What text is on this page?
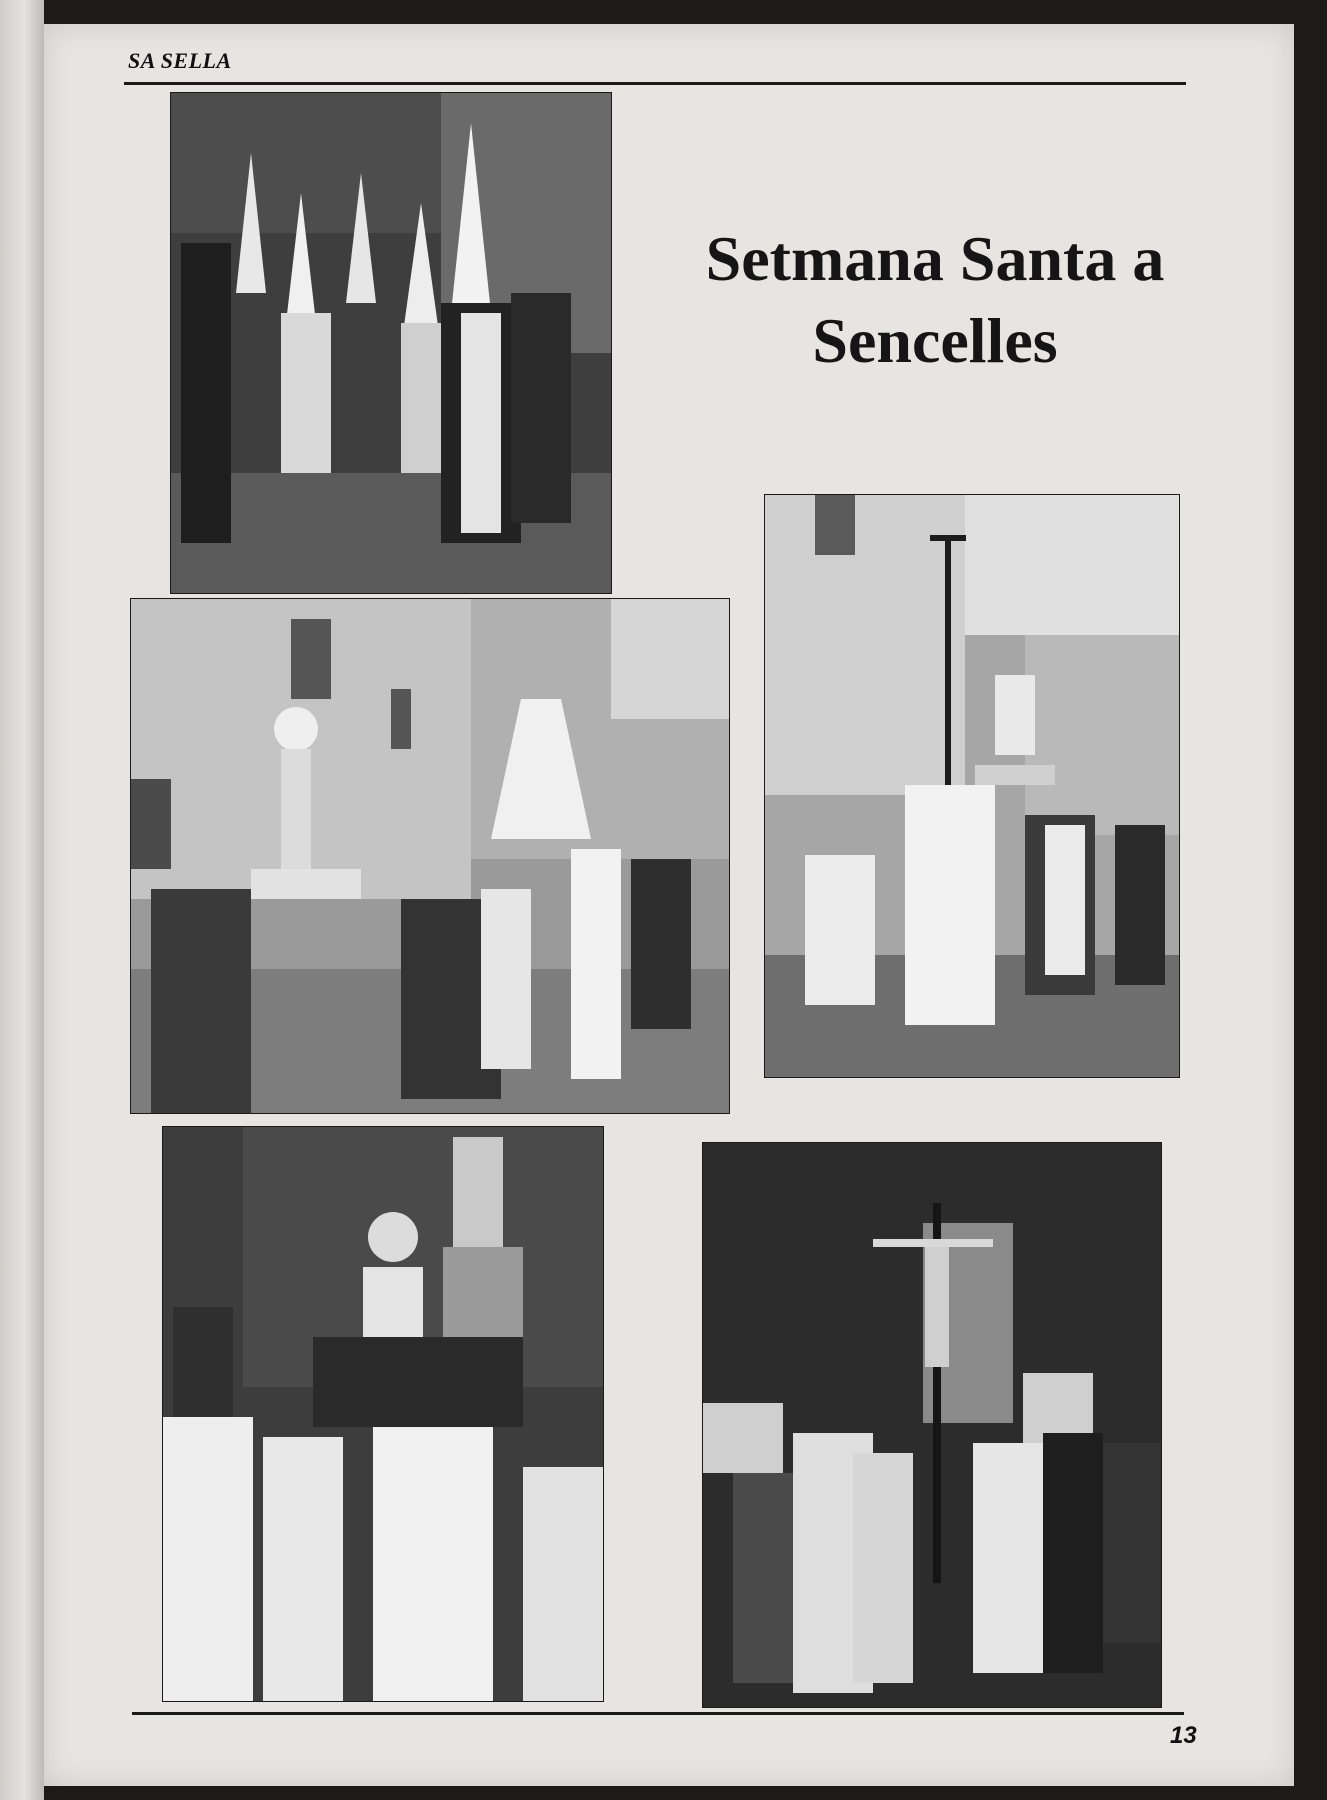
SA SELLA
Setmana Santa a
Sencelles
13
